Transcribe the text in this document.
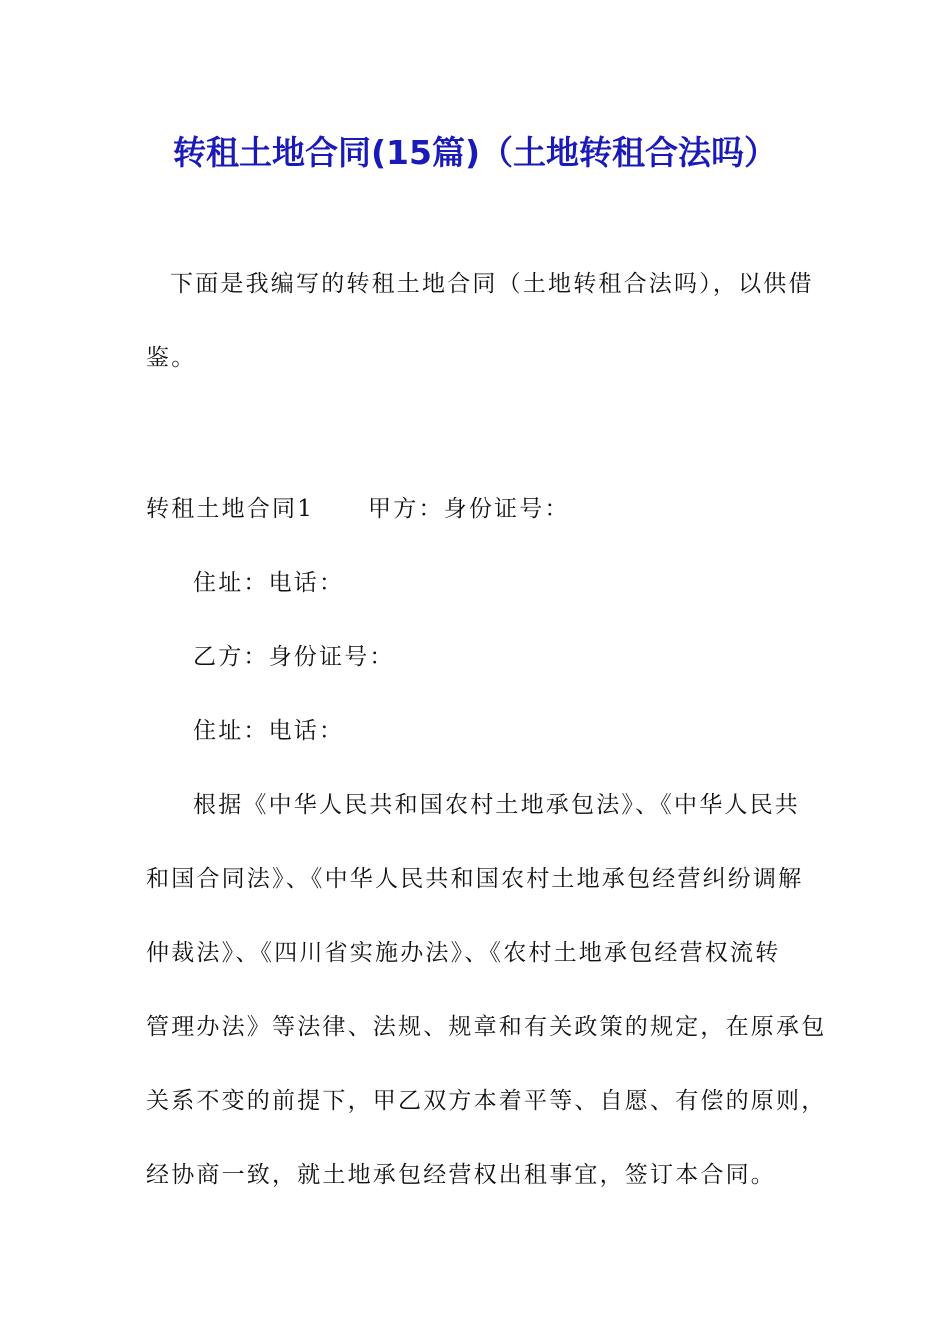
转租土地合同(15篇)（土地转租合法吗）
下面是我编写的转租土地合同（土地转租合法吗），以供借
鉴。
转租土地合同1 甲方：身份证号：
住址：电话：
乙方：身份证号：
住址：电话：
根据《中华人民共和国农村土地承包法》、《中华人民共
和国合同法》、《中华人民共和国农村土地承包经营纠纷调解
仲裁法》、《四川省实施办法》、《农村土地承包经营权流转
管理办法》等法律、法规、规章和有关政策的规定，在原承包
关系不变的前提下，甲乙双方本着平等、自愿、有偿的原则，
经协商一致，就土地承包经营权出租事宜，签订本合同。
